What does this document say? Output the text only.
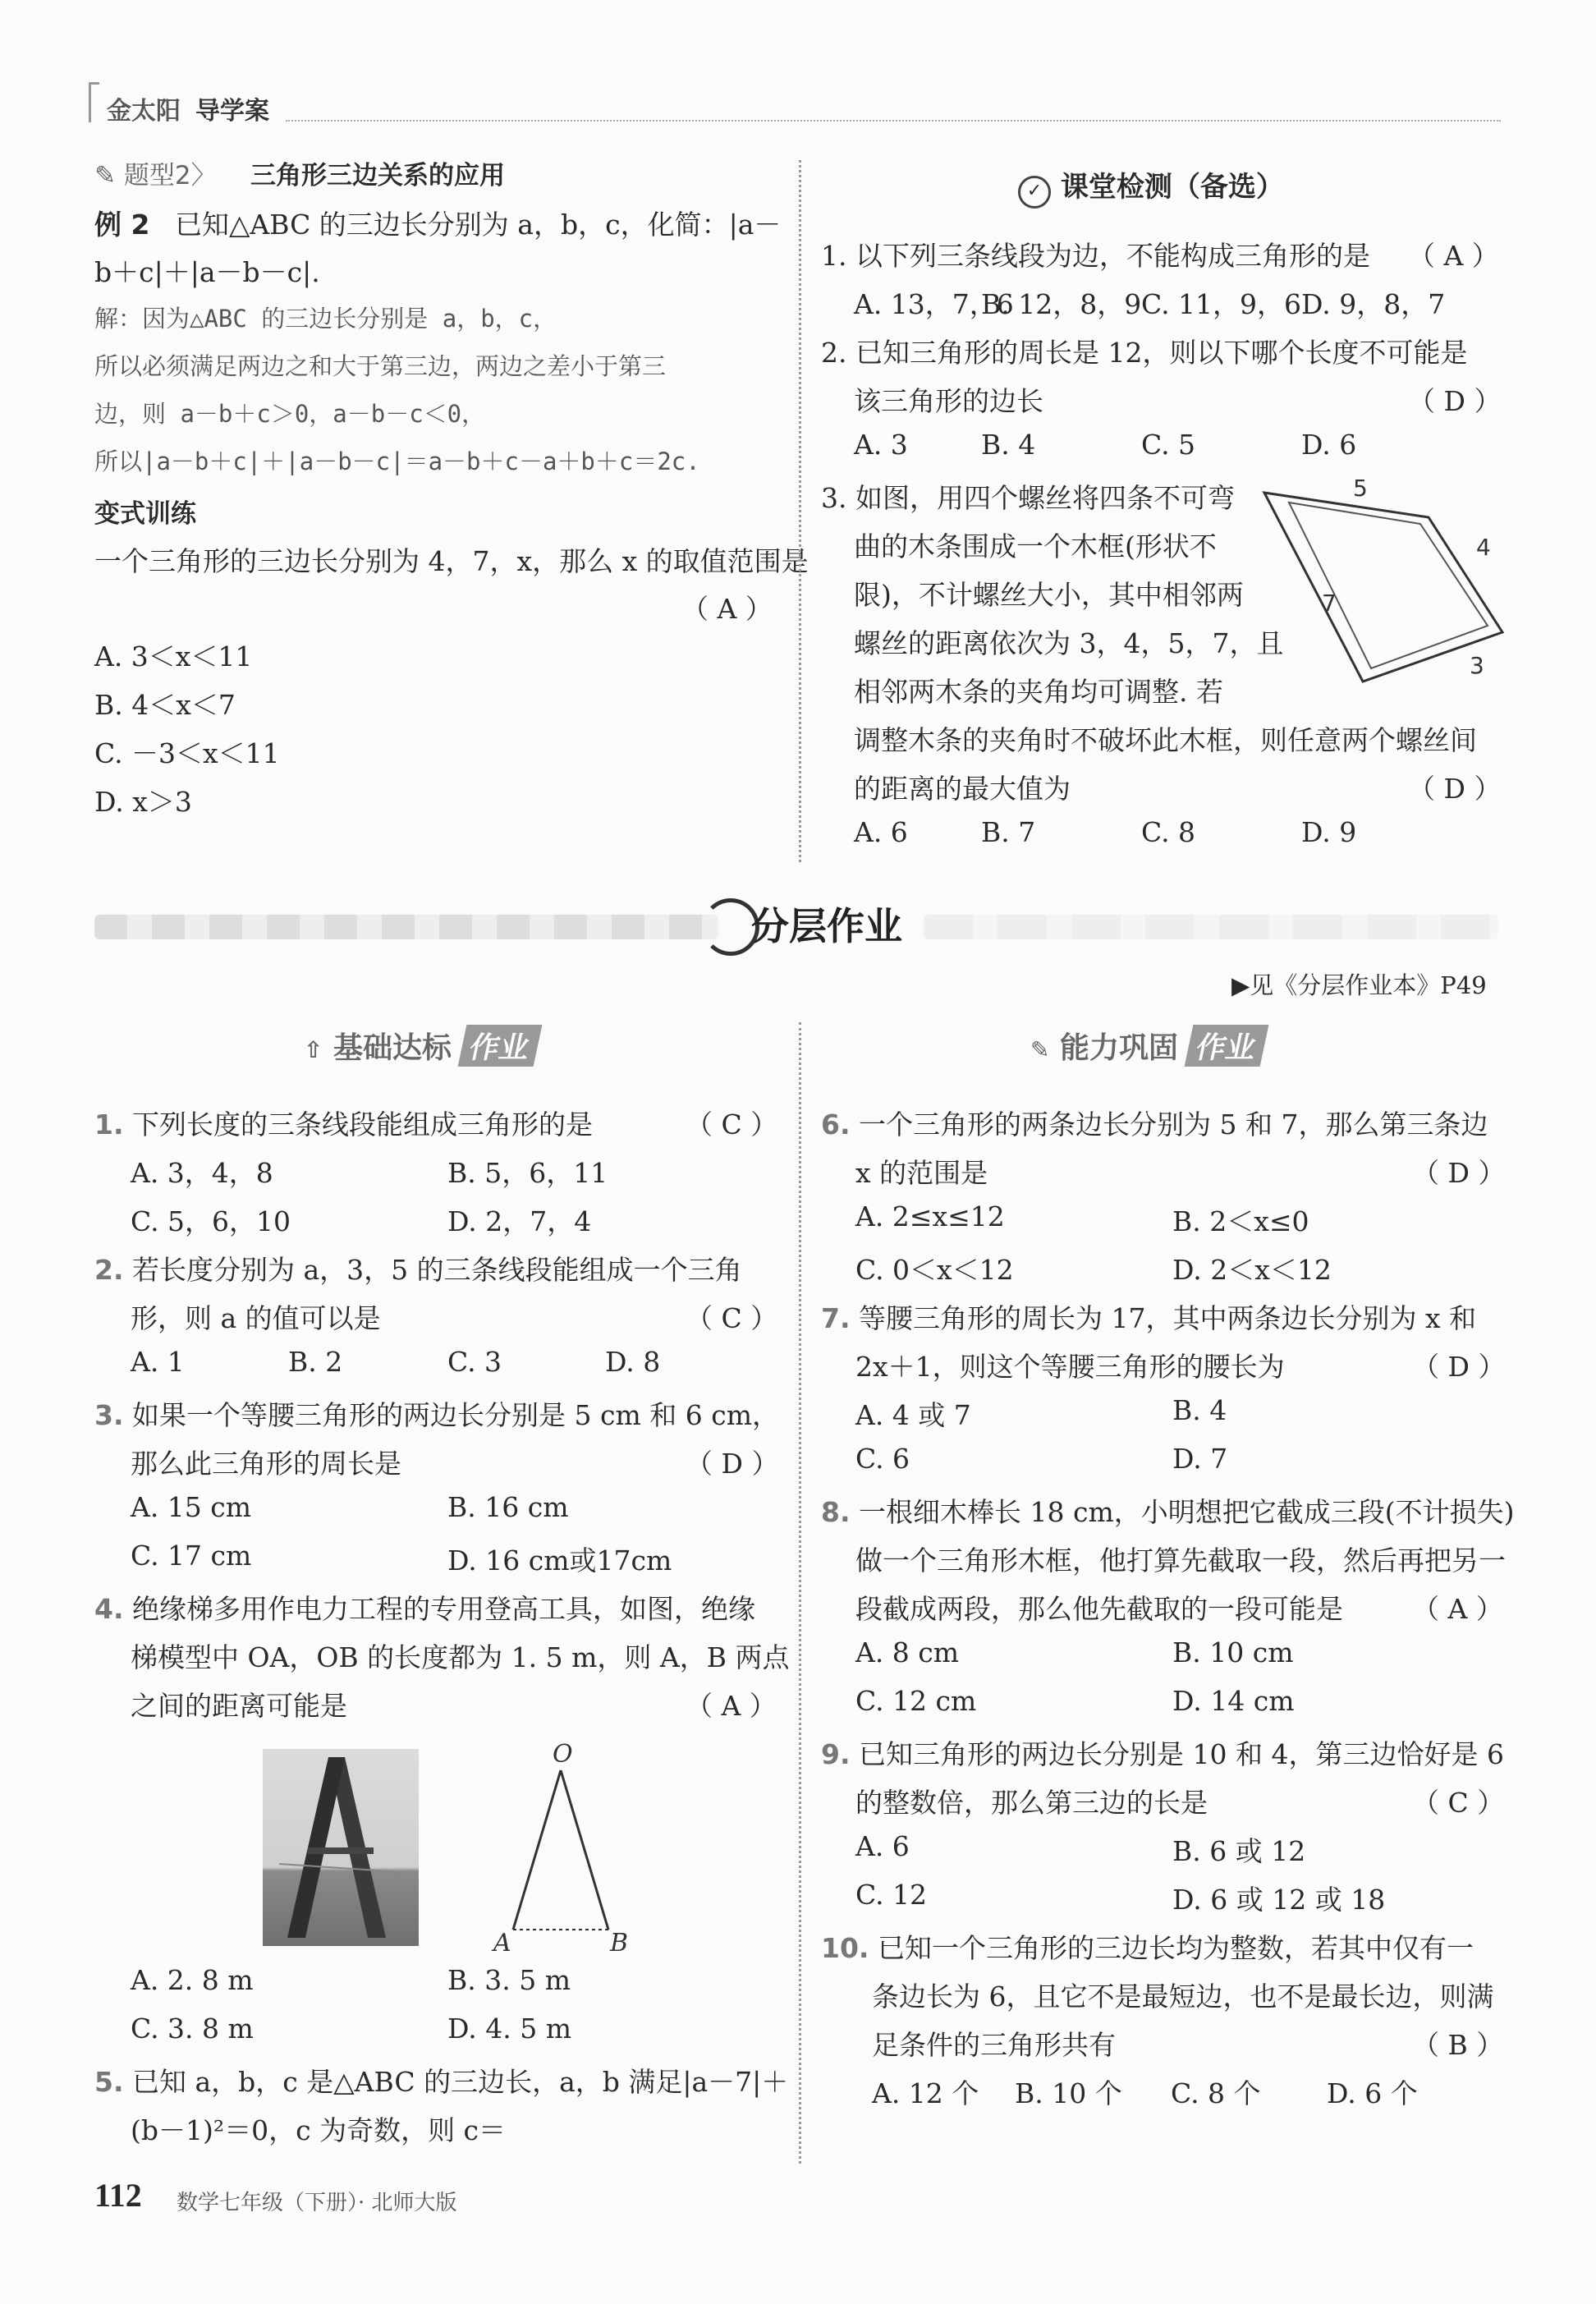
金太阳 导学案
✎ 题型2〉 三角形三边关系的应用
例 2 已知△ABC 的三边长分别为 a，b，c，化简：|a－
b＋c|＋|a－b－c|.
解：因为△ABC 的三边长分别是 a，b，c，
所以必须满足两边之和大于第三边，两边之差小于第三
边，则 a－b＋c＞0，a－b－c＜0，
所以|a－b＋c|＋|a－b－c|＝a－b＋c－a＋b＋c＝2c.
变式训练
一个三角形的三边长分别为 4，7，x，那么 x 的取值范围是
（ A ）
A. 3＜x＜11
B. 4＜x＜7
C. －3＜x＜11
D. x＞3
✓ 课堂检测（备选）
1. 以下列三条线段为边，不能构成三角形的是 （ A ）
A. 13，7，6
B. 12，8，9 C. 11，9，6 D. 9，8，7
2. 已知三角形的周长是 12，则以下哪个长度不可能是
该三角形的边长	（ D ）
A. 3	B. 4	C. 5	D. 6
3. 如图，用四个螺丝将四条不可弯
曲的木条围成一个木框(形状不
限)，不计螺丝大小，其中相邻两
螺丝的距离依次为 3，4，5，7，且
相邻两木条的夹角均可调整. 若
调整木条的夹角时不破坏此木框，则任意两个螺丝间
的距离的最大值为	（ D ）
A. 6	B. 7	C. 8	D. 9
5
4
7
3
分层作业
▶见《分层作业本》P49
⇧ 基础达标 作业
1. 下列长度的三条线段能组成三角形的是	（ C ）
A. 3，4，8	B. 5，6，11
C. 5，6，10	D. 2，7，4
2. 若长度分别为 a，3，5 的三条线段能组成一个三角
形，则 a 的值可以是	（ C ）
A. 1	B. 2	C. 3	D. 8
3. 如果一个等腰三角形的两边长分别是 5 cm 和 6 cm，
那么此三角形的周长是	（ D ）
A. 15 cm	B. 16 cm
C. 17 cm	D. 16 cm或17cm
4. 绝缘梯多用作电力工程的专用登高工具，如图，绝缘
梯模型中 OA，OB 的长度都为 1. 5 m，则 A，B 两点
之间的距离可能是	（ A ）
O
A	B
A. 2. 8 m	B. 3. 5 m
C. 3. 8 m	D. 4. 5 m
5. 已知 a，b，c 是△ABC 的三边长，a，b 满足|a－7|＋
(b－1)²＝0，c 为奇数，则 c＝
✎ 能力巩固 作业
6. 一个三角形的两条边长分别为 5 和 7，那么第三条边
x 的范围是	（ D ）
A. 2≤x≤12	B. 2＜x≤0
C. 0＜x＜12	D. 2＜x＜12
7. 等腰三角形的周长为 17，其中两条边长分别为 x 和
2x＋1，则这个等腰三角形的腰长为	（ D ）
A. 4 或 7	B. 4
C. 6	D. 7
8. 一根细木棒长 18 cm，小明想把它截成三段(不计损失)
做一个三角形木框，他打算先截取一段，然后再把另一
段截成两段，那么他先截取的一段可能是	（ A ）
A. 8 cm	B. 10 cm
C. 12 cm	D. 14 cm
9. 已知三角形的两边长分别是 10 和 4，第三边恰好是 6
的整数倍，那么第三边的长是	（ C ）
A. 6	B. 6 或 12
C. 12	D. 6 或 12 或 18
10. 已知一个三角形的三边长均为整数，若其中仅有一
条边长为 6，且它不是最短边，也不是最长边，则满
足条件的三角形共有	（ B ）
A. 12 个 B. 10 个 C. 8 个 D. 6 个
112 数学七年级（下册）· 北师大版
